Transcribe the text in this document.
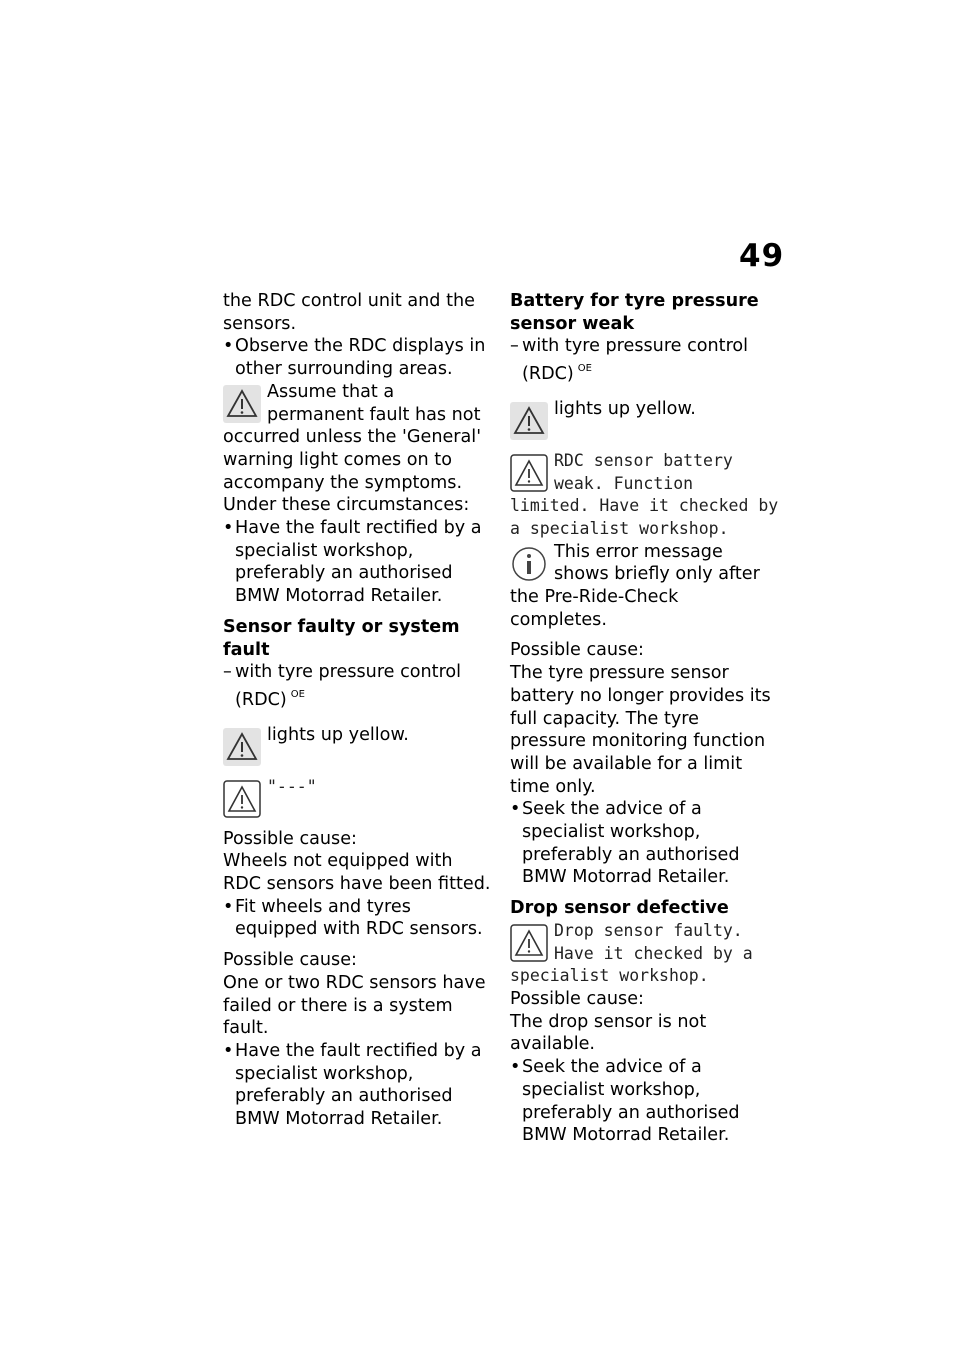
49

the RDC control unit and the sensors.

• Observe the RDC displays in other surrounding areas.
Assume that a permanent fault has not occurred unless the 'General' warning light comes on to accompany the symptoms.

Under these circumstances:

• Have the fault rectified by a specialist workshop, preferably an authorised BMW Motorrad Retailer.

Sensor faulty or system fault

– with tyre pressure control (RDC) $^{OE}$
lights up yellow.
"---"

Possible cause:

Wheels not equipped with RDC sensors have been fitted.

• Fit wheels and tyres equipped with RDC sensors.

Possible cause:

One or two RDC sensors have failed or there is a system fault.

• Have the fault rectified by a specialist workshop, preferably an authorised BMW Motorrad Retailer.

Battery for tyre pressure sensor weak

– with tyre pressure control (RDC) $^{OE}$
lights up yellow.
RDC sensor battery weak. Function limited. Have it checked by a specialist workshop.
This error message shows briefly only after the Pre-Ride-Check completes.

Possible cause:

The tyre pressure sensor battery no longer provides its full capacity. The tyre pressure monitoring function will be available for a limit time only.

• Seek the advice of a specialist workshop, preferably an authorised BMW Motorrad Retailer.

Drop sensor defective

Drop sensor faulty. Have it checked by a specialist workshop.

Possible cause:

The drop sensor is not available.

• Seek the advice of a specialist workshop, preferably an authorised BMW Motorrad Retailer.
